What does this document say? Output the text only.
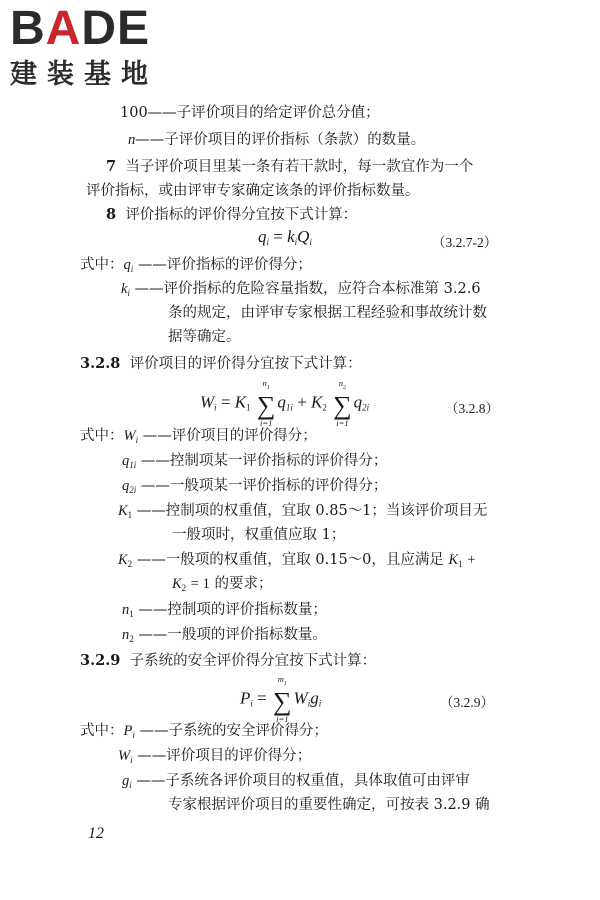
BADE
建装基地
100——子评价项目的给定评价总分值；
n——子评价项目的评价指标（条款）的数量。
7 当子评价项目里某一条有若干款时，每一款宜作为一个
评价指标，或由评审专家确定该条的评价指标数量。
8 评价指标的评价得分宜按下式计算：
$q_i = k_iQ_i$	（3.2.7-2）
式中：$q_i$ ——评价指标的评价得分；
$k_i$ ——评价指标的危险容量指数，应符合本标准第 3.2.6
条的规定，由评审专家根据工程经验和事故统计数
据等确定。
3.2.8 评价项目的评价得分宜按下式计算：
$W_i = K_1$
$n_1$
∑
i=1
$q_{1i} + K_2$
$n_2$
∑
i=1
$q_{2i}$	（3.2.8）
式中：$W_i$ ——评价项目的评价得分；
$q_{1i}$ ——控制项某一评价指标的评价得分；
$q_{2i}$ ——一般项某一评价指标的评价得分；
$K_1$ ——控制项的权重值，宜取 0.85～1；当该评价项目无
一般项时，权重值应取 1；
$K_2$ ——一般项的权重值，宜取 0.15～0，且应满足 $K_1$ +
$K_2 = 1$ 的要求；
$n_1$ ——控制项的评价指标数量；
$n_2$ ——一般项的评价指标数量。
3.2.9 子系统的安全评价得分宜按下式计算：
$P_i$ =
$m_1$
∑
i=1
$W_ig_i$	（3.2.9）
式中：$P_i$ ——子系统的安全评价得分；
$W_i$ ——评价项目的评价得分；
$g_i$ ——子系统各评价项目的权重值，具体取值可由评审
专家根据评价项目的重要性确定，可按表 3.2.9 确
12
